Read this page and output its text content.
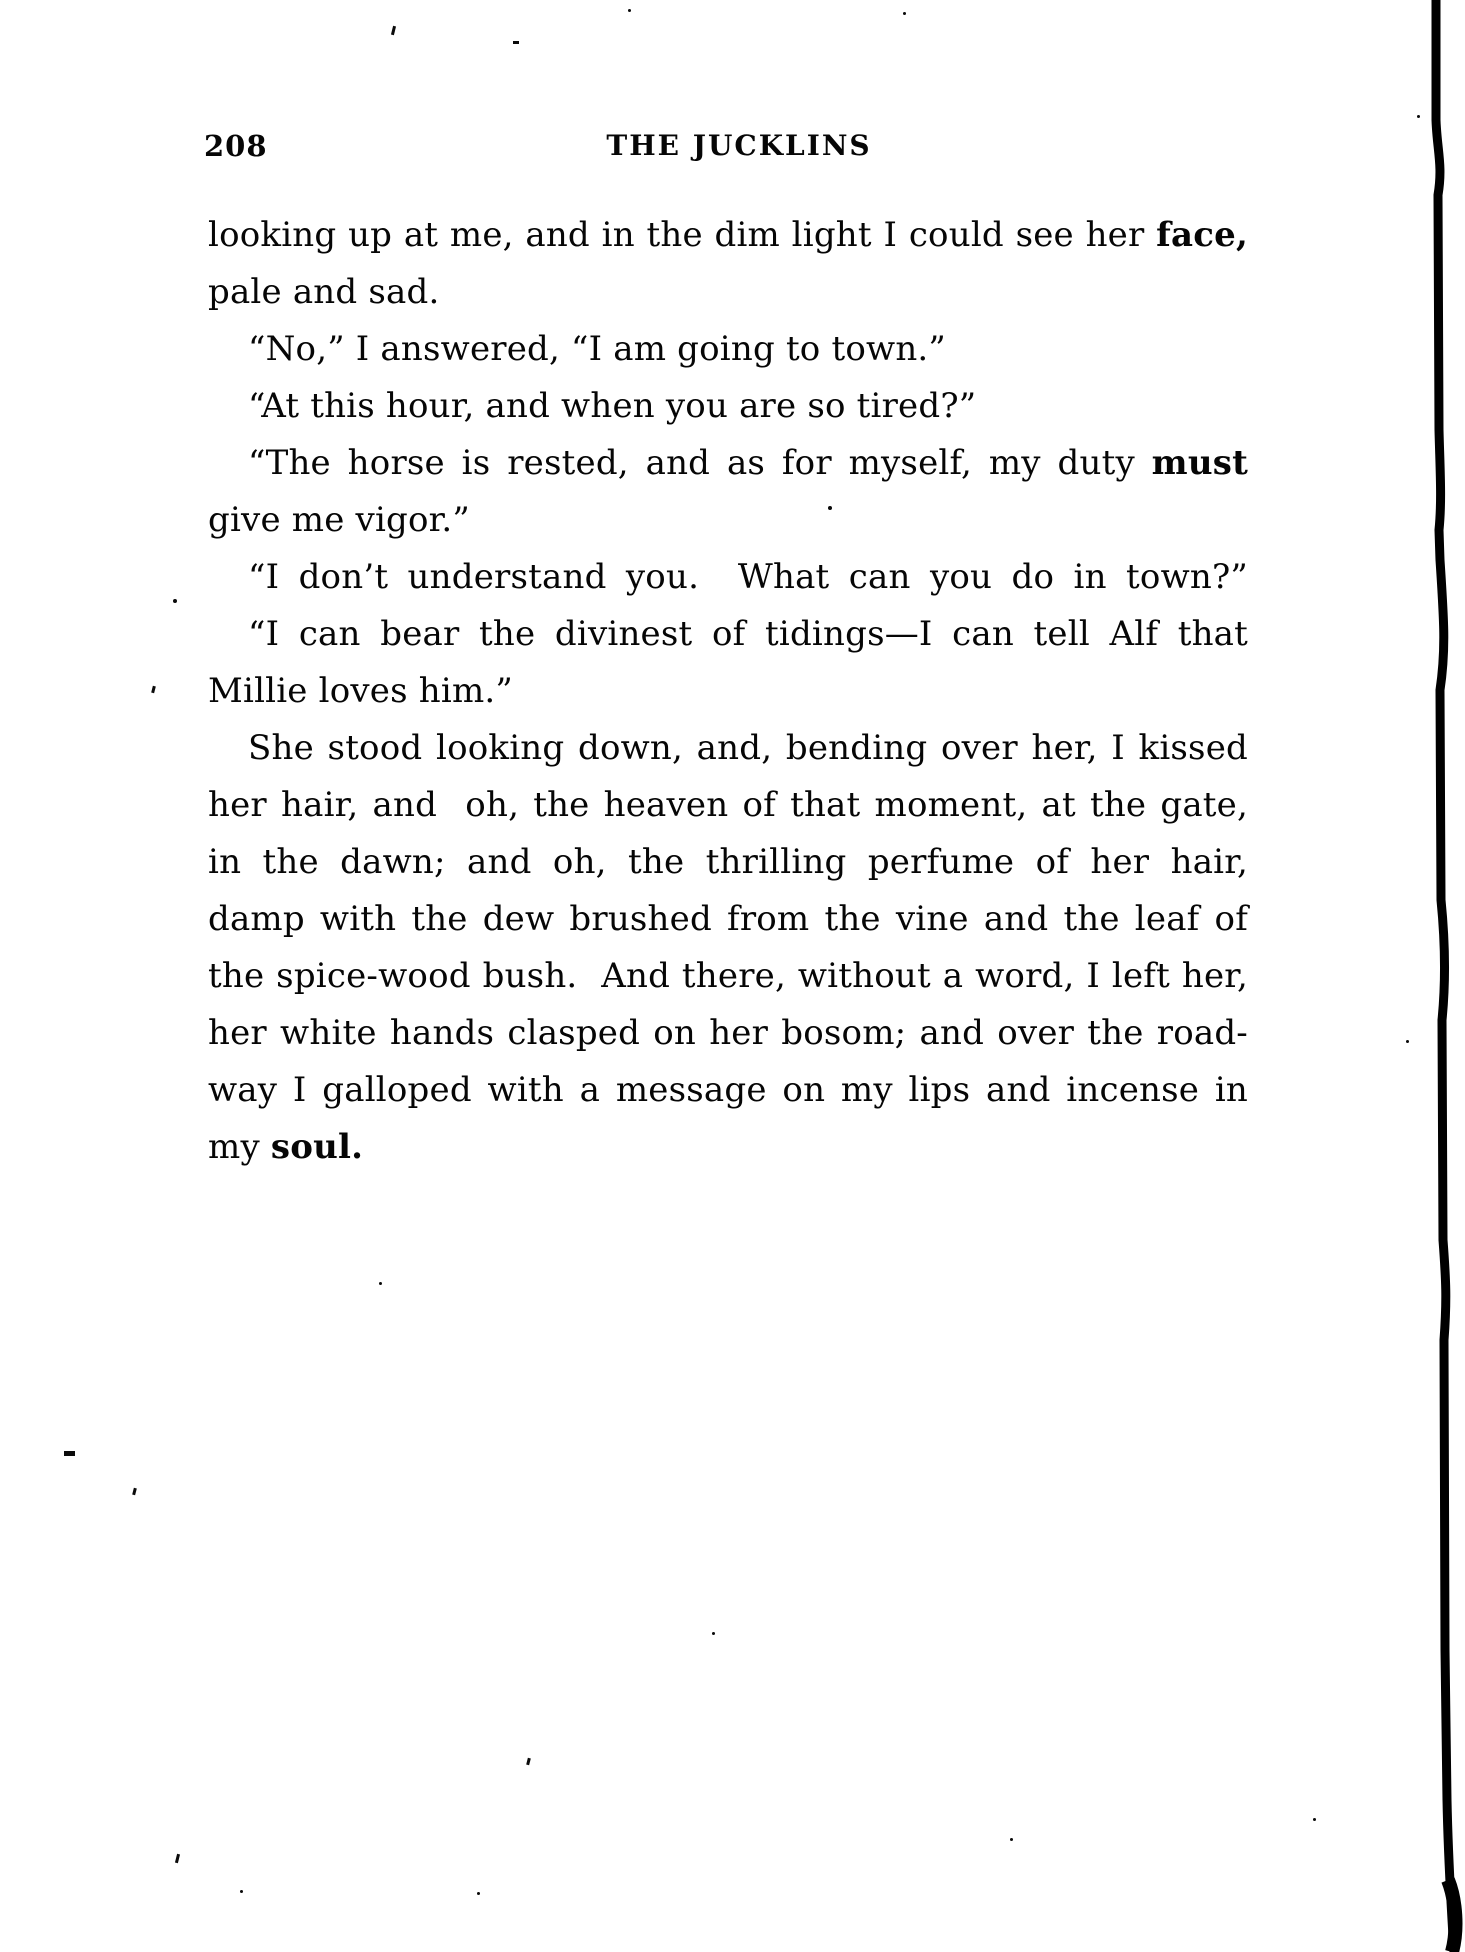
208	THE JUCKLINS
looking up at me, and in the dim light I could see her face,
pale and sad.
“No,” I answered, “I am going to town.”
“At this hour, and when you are so tired?”
“The horse is rested, and as for myself, my duty must
give me vigor.”
“I don’t understand you.  What can you do in town?”
“I can bear the divinest of tidings—I can tell Alf that
Millie loves him.”
She stood looking down, and, bending over her, I kissed
her hair, and  oh, the heaven of that moment, at the gate,
in the dawn; and oh, the thrilling perfume of her hair,
damp with the dew brushed from the vine and the leaf of
the spice-wood bush.  And there, without a word, I left her,
her white hands clasped on her bosom; and over the road-
way I galloped with a message on my lips and incense in
my soul.
